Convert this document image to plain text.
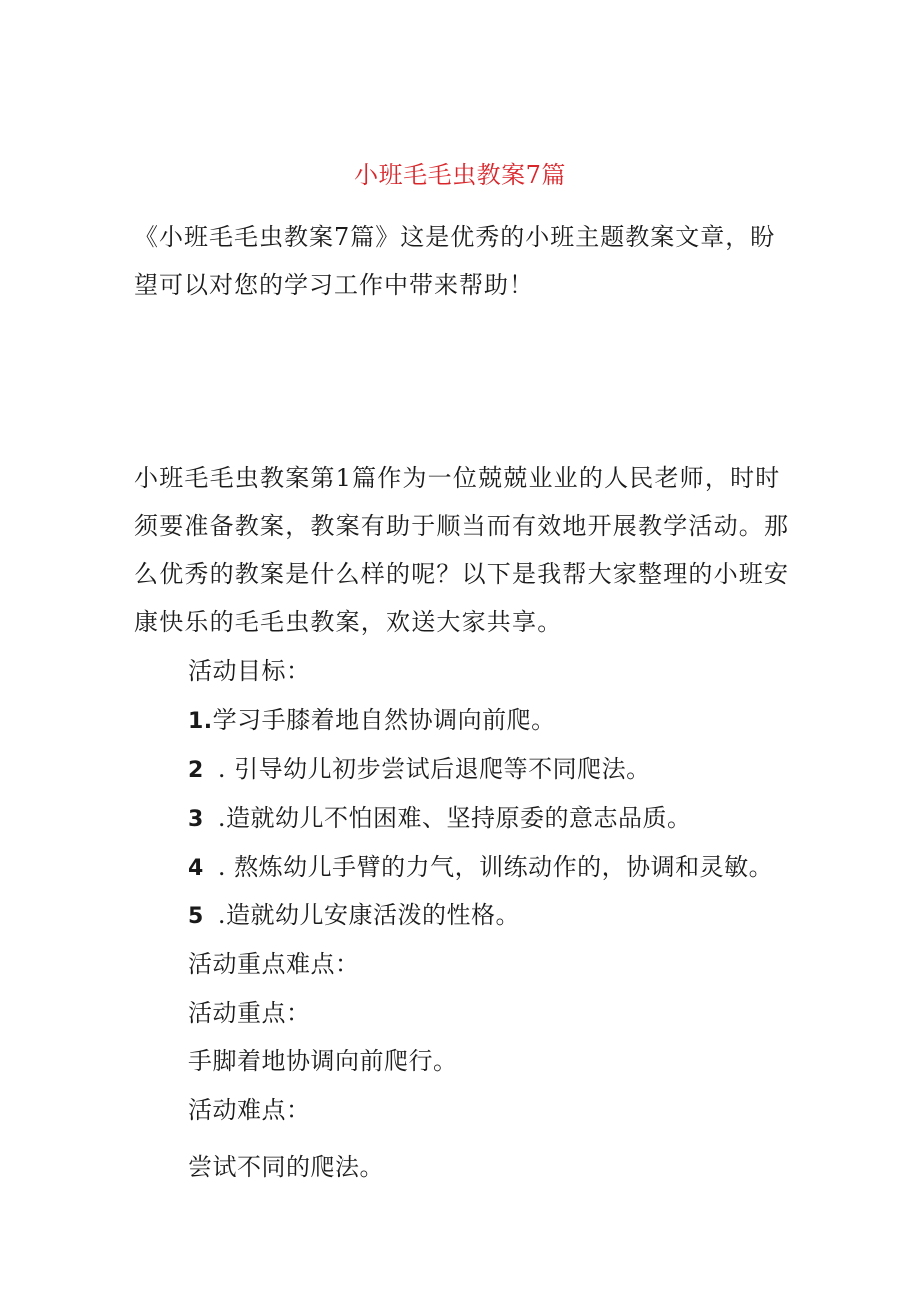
小班毛毛虫教案7篇
《小班毛毛虫教案7篇》这是优秀的小班主题教案文章，盼望可以对您的学习工作中带来帮助！
小班毛毛虫教案第1篇作为一位兢兢业业的人民老师，时时须要准备教案，教案有助于顺当而有效地开展教学活动。那么优秀的教案是什么样的呢？以下是我帮大家整理的小班安康快乐的毛毛虫教案，欢送大家共享。
活动目标：
1.学习手膝着地自然协调向前爬。
2 . 引导幼儿初步尝试后退爬等不同爬法。
3 .造就幼儿不怕困难、坚持原委的意志品质。
4 . 熬炼幼儿手臂的力气，训练动作的，协调和灵敏。
5 .造就幼儿安康活泼的性格。
活动重点难点：
活动重点：
手脚着地协调向前爬行。
活动难点：
尝试不同的爬法。
